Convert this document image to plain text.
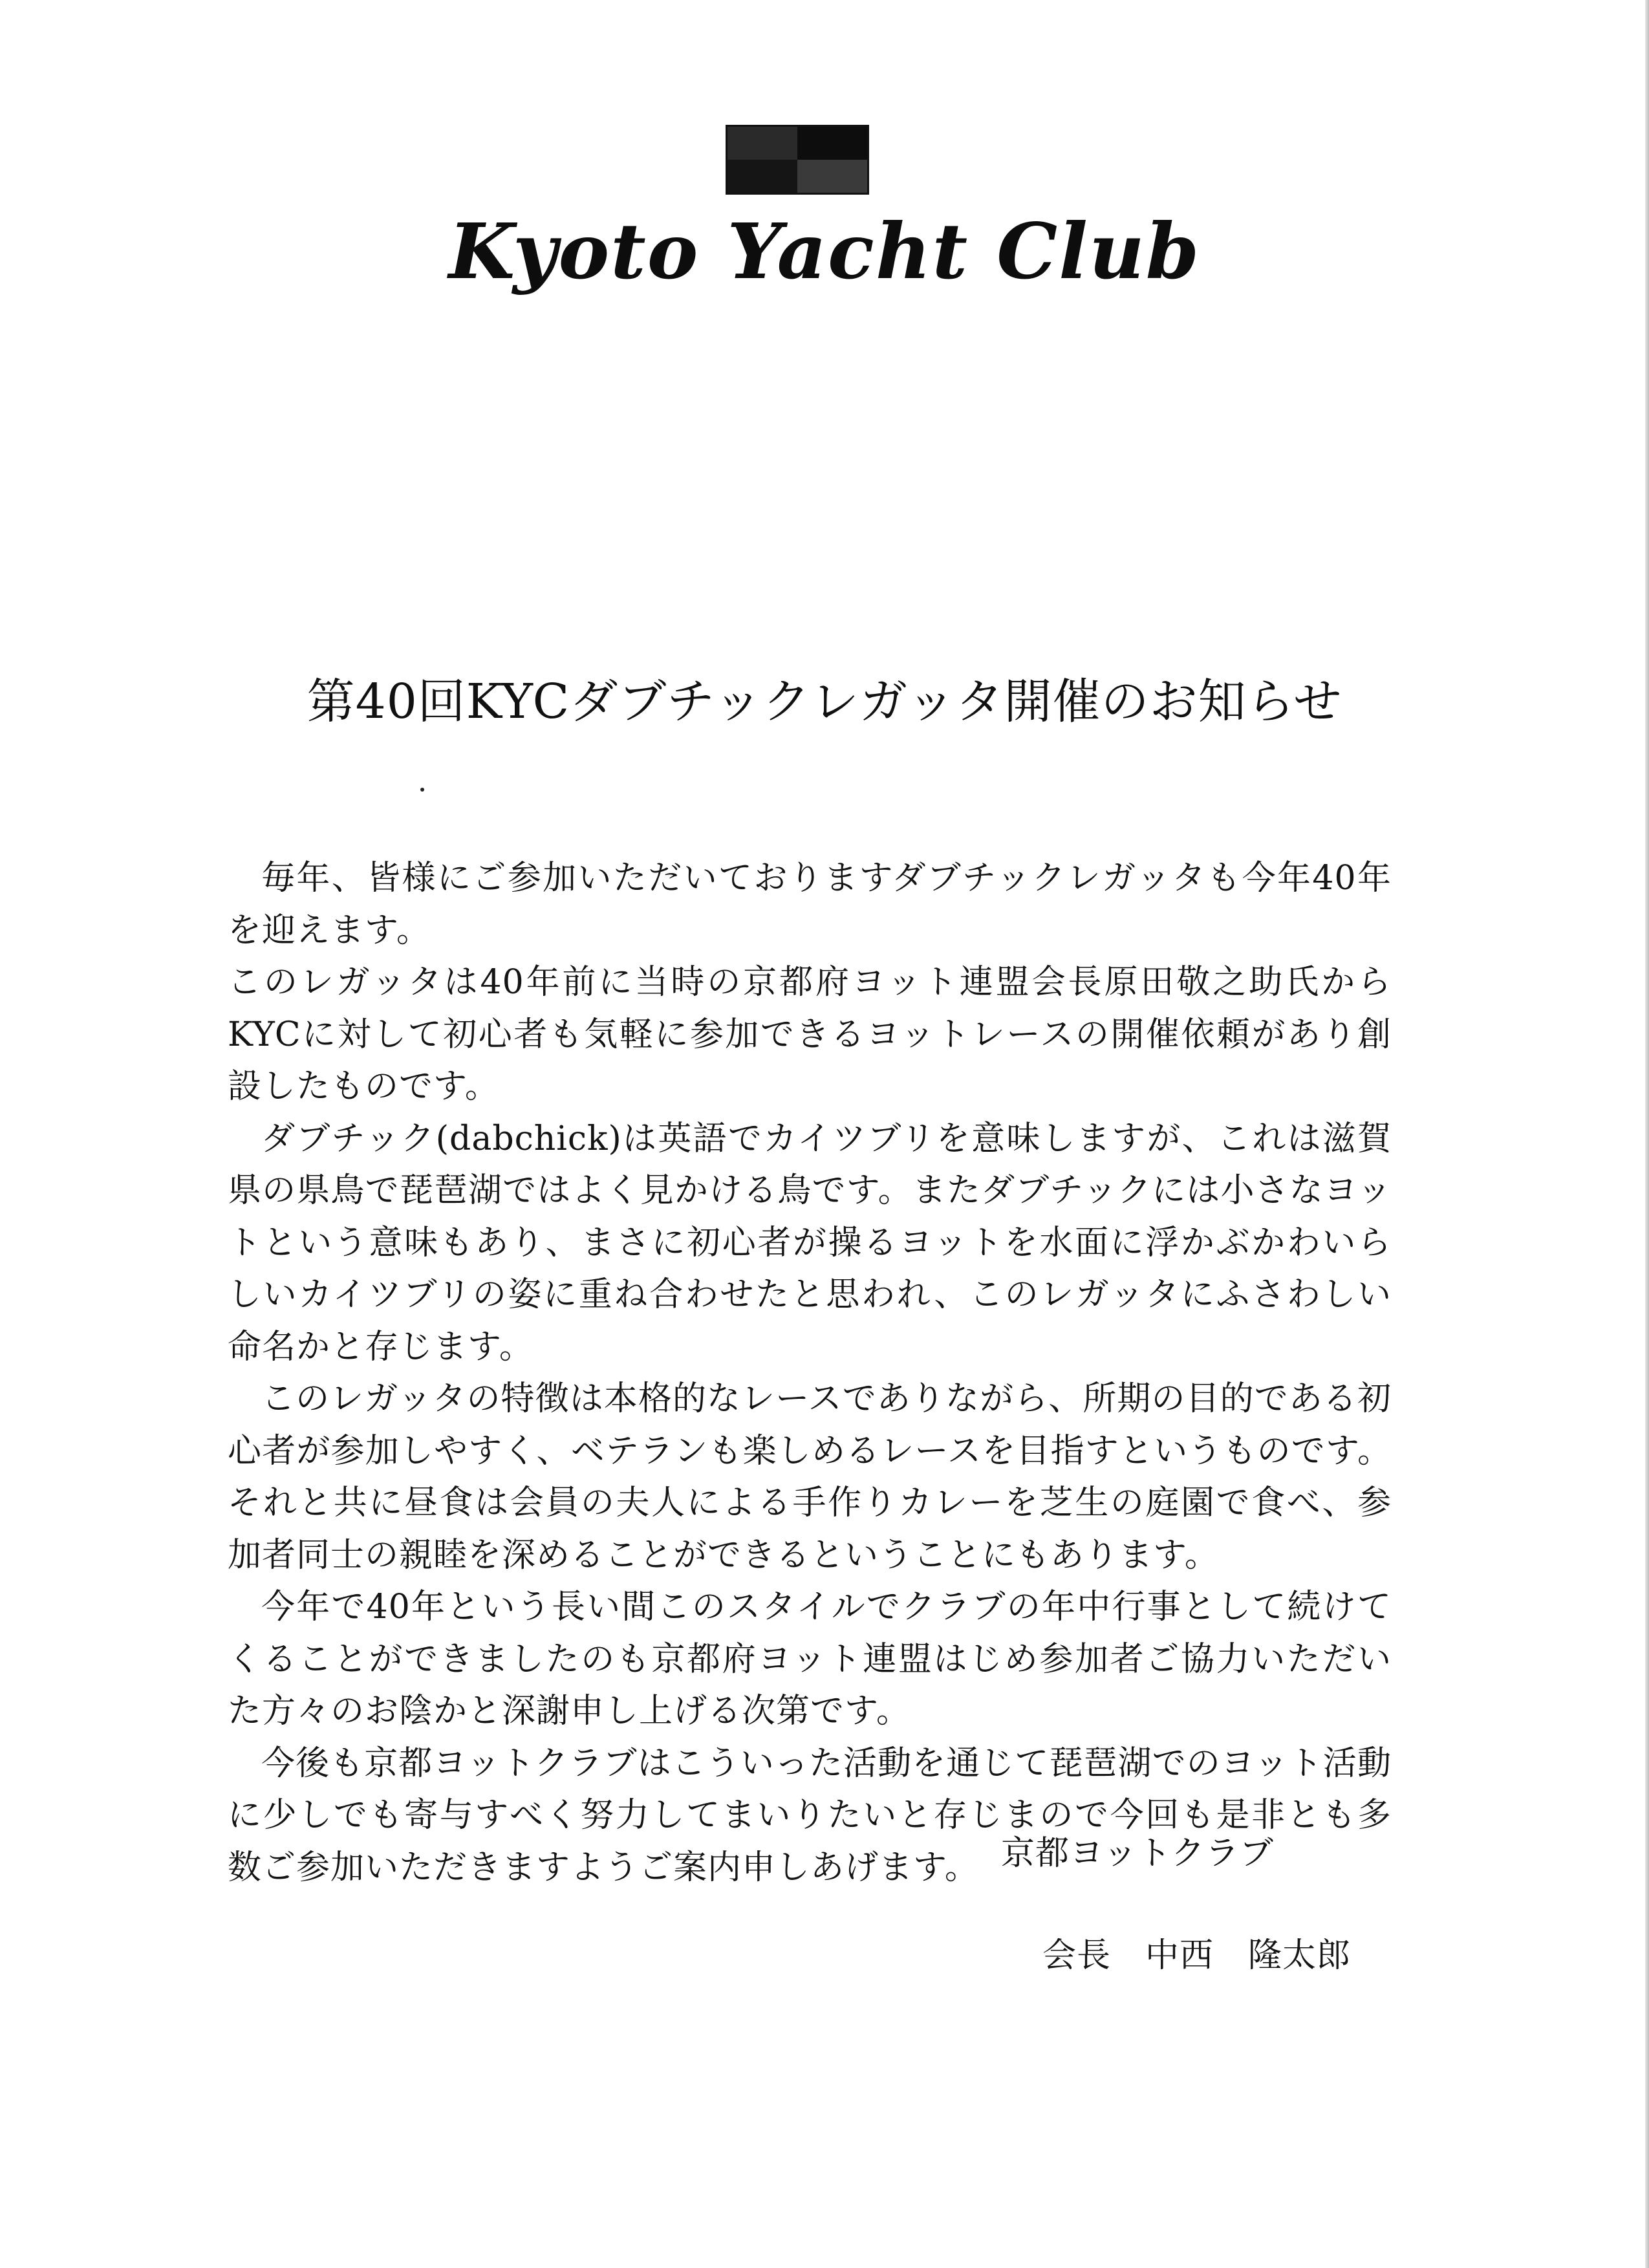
Kyoto Yacht Club
第40回KYCダブチックレガッタ開催のお知らせ

毎年、皆様にご参加いただいておりますダブチックレガッタも今年40年を迎えます。

このレガッタは40年前に当時の京都府ヨット連盟会長原田敬之助氏からKYCに対して初心者も気軽に参加できるヨットレースの開催依頼があり創設したものです。

ダブチック(dabchick)は英語でカイツブリを意味しますが、これは滋賀県の県鳥で琵琶湖ではよく見かける鳥です。またダブチックには小さなヨットという意味もあり、まさに初心者が操るヨットを水面に浮かぶかわいらしいカイツブリの姿に重ね合わせたと思われ、このレガッタにふさわしい命名かと存じます。

このレガッタの特徴は本格的なレースでありながら、所期の目的である初心者が参加しやすく、ベテランも楽しめるレースを目指すというものです。それと共に昼食は会員の夫人による手作りカレーを芝生の庭園で食べ、参加者同士の親睦を深めることができるということにもあります。

今年で40年という長い間このスタイルでクラブの年中行事として続けてくることができましたのも京都府ヨット連盟はじめ参加者ご協力いただいた方々のお陰かと深謝申し上げる次第です。

今後も京都ヨットクラブはこういった活動を通じて琵琶湖でのヨット活動に少しでも寄与すべく努力してまいりたいと存じまので今回も是非とも多数ご参加いただきますようご案内申しあげます。 京都ヨットクラブ
会長　中西　隆太郎
